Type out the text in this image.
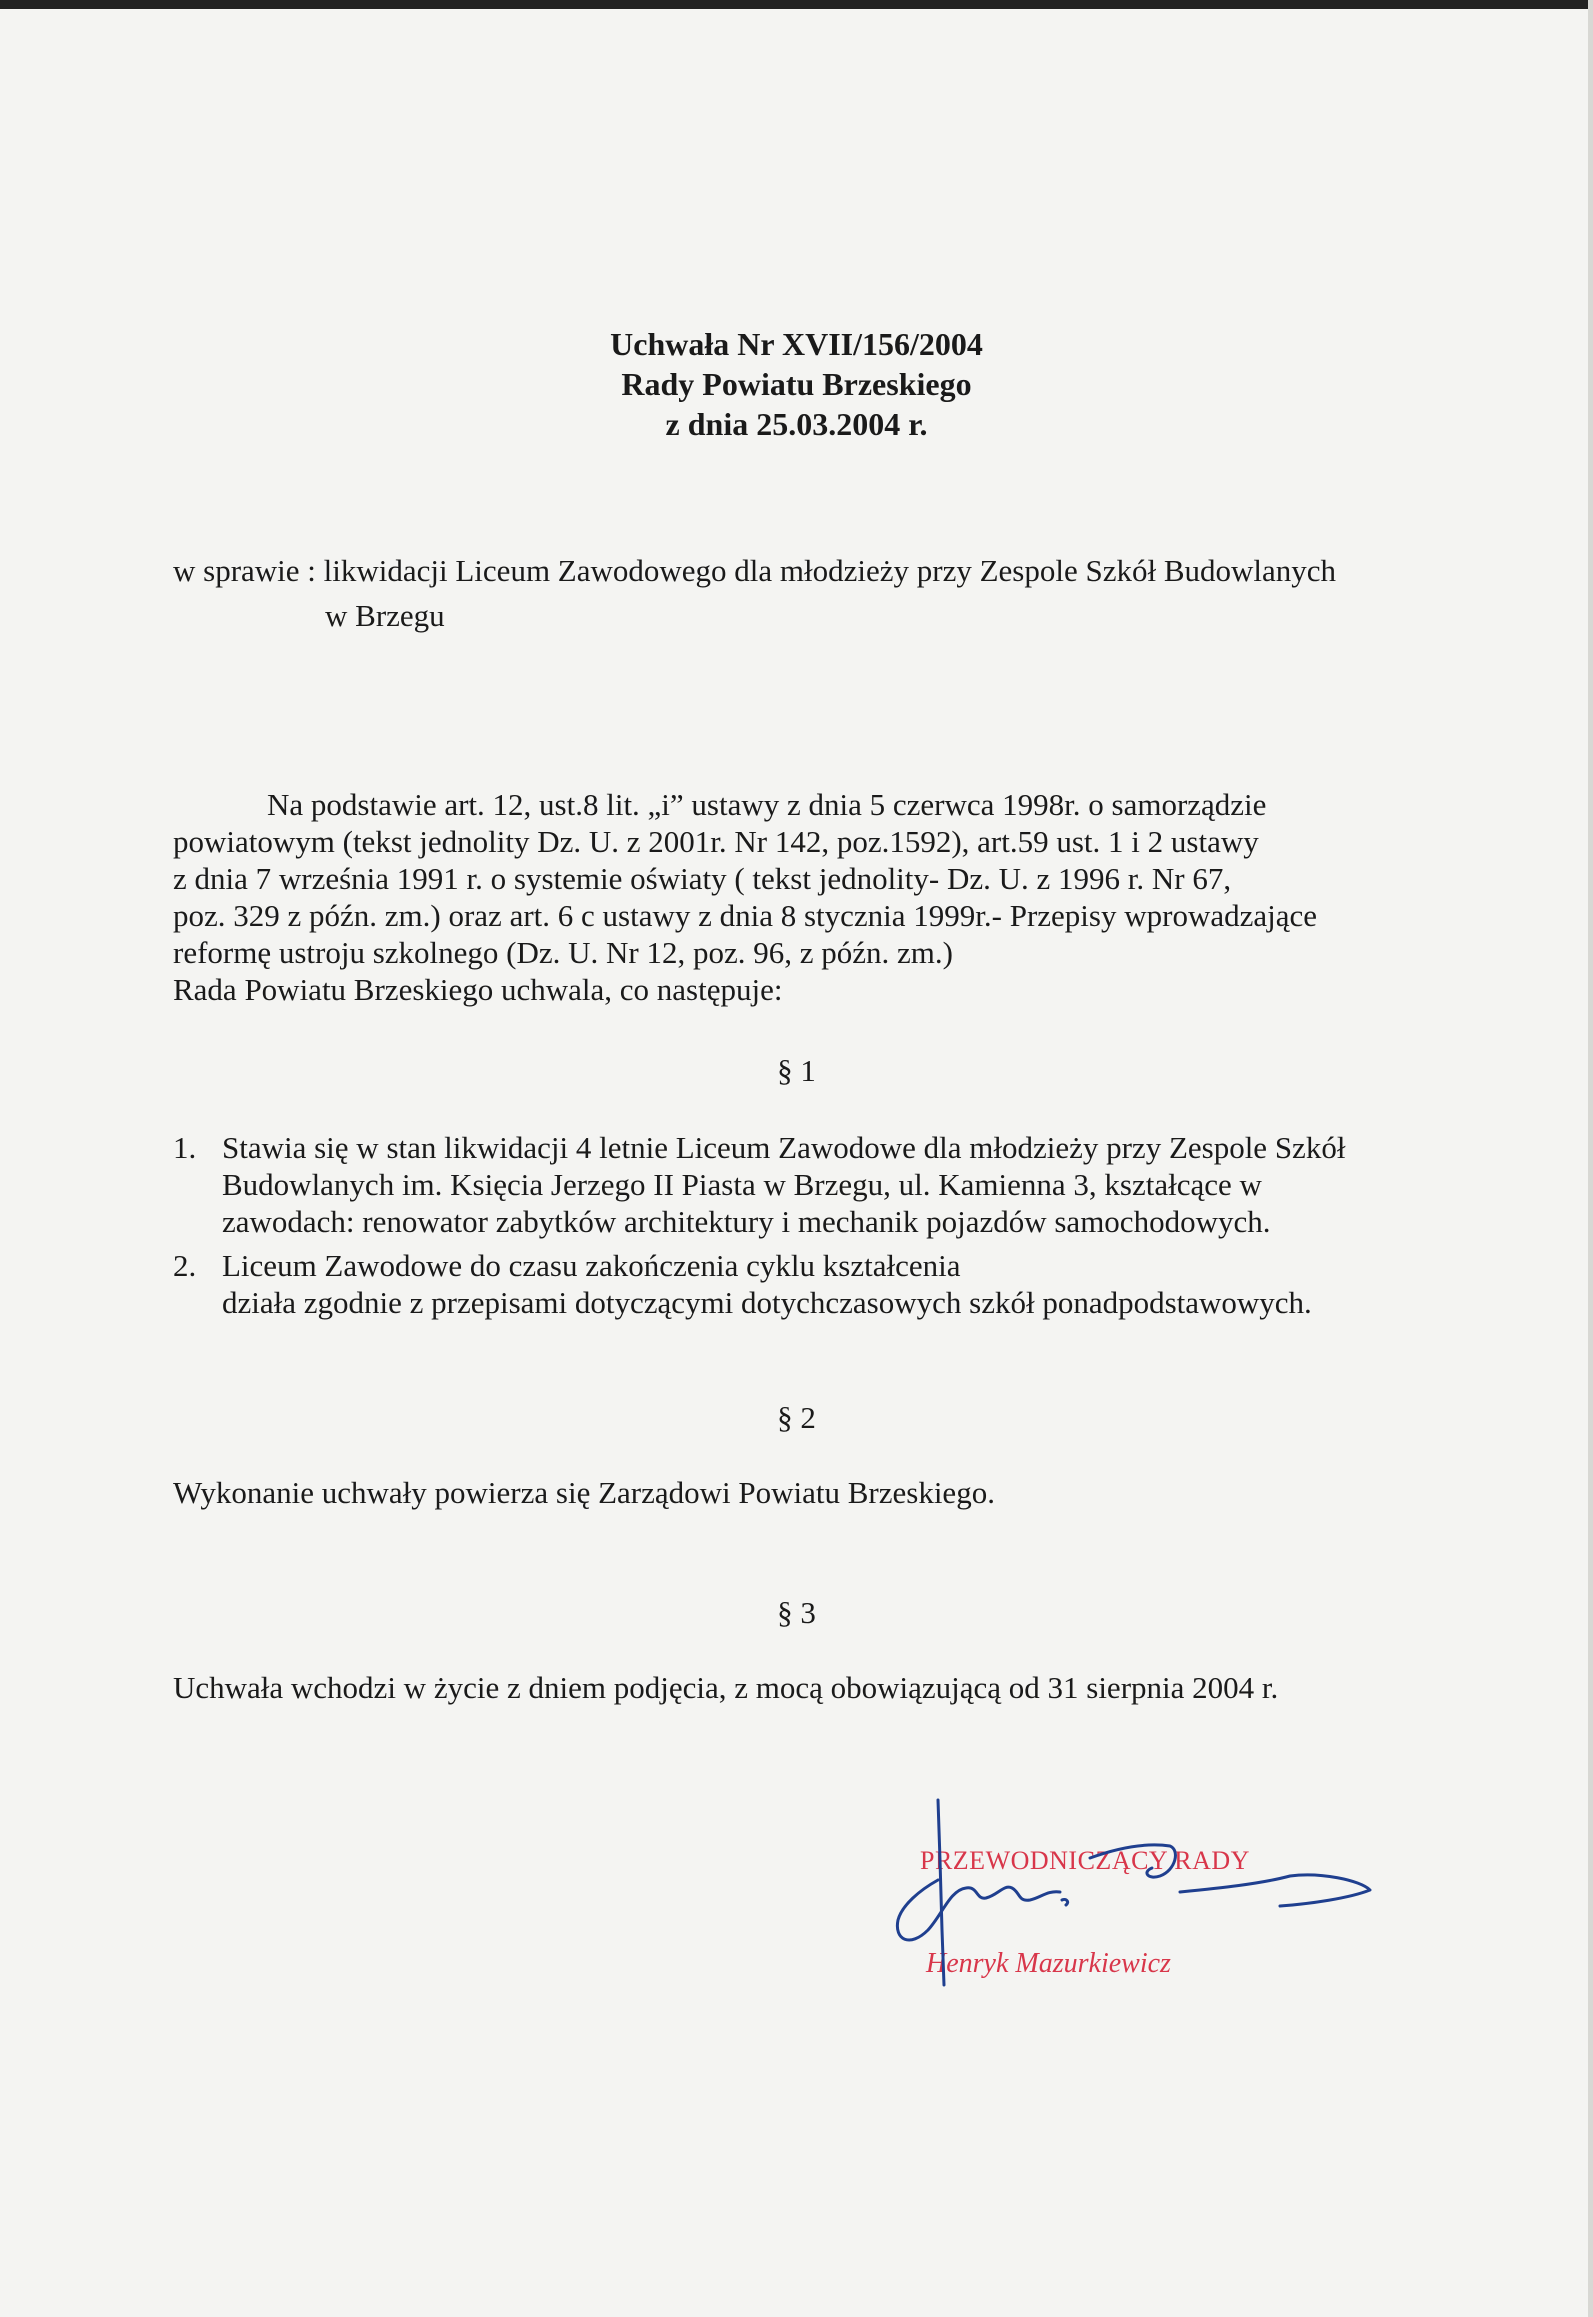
Uchwała Nr XVII/156/2004
Rady Powiatu Brzeskiego
z dnia 25.03.2004 r.
w sprawie : likwidacji Liceum Zawodowego dla młodzieży przy Zespole Szkół Budowlanych
w Brzegu
Na podstawie art. 12, ust.8 lit. „i” ustawy z dnia 5 czerwca 1998r. o samorządzie
powiatowym (tekst jednolity Dz. U. z 2001r. Nr 142, poz.1592), art.59 ust. 1 i 2 ustawy
z dnia 7 września 1991 r. o systemie oświaty ( tekst jednolity- Dz. U. z 1996 r. Nr 67,
poz. 329 z późn. zm.) oraz art. 6 c ustawy z dnia 8 stycznia 1999r.- Przepisy wprowadzające
reformę ustroju szkolnego (Dz. U. Nr 12, poz. 96, z późn. zm.)
Rada Powiatu Brzeskiego uchwala, co następuje:
§ 1
1. Stawia się w stan likwidacji 4 letnie Liceum Zawodowe dla młodzieży przy Zespole Szkół
Budowlanych im. Księcia Jerzego II Piasta w Brzegu, ul. Kamienna 3, kształcące w
zawodach: renowator zabytków architektury i mechanik pojazdów samochodowych.
2. Liceum Zawodowe do czasu zakończenia cyklu kształcenia
działa zgodnie z przepisami dotyczącymi dotychczasowych szkół ponadpodstawowych.
§ 2
Wykonanie uchwały powierza się Zarządowi Powiatu Brzeskiego.
§ 3
Uchwała wchodzi w życie z dniem podjęcia, z mocą obowiązującą od 31 sierpnia 2004 r.
PRZEWODNICZĄCY RADY
Henryk Mazurkiewicz
